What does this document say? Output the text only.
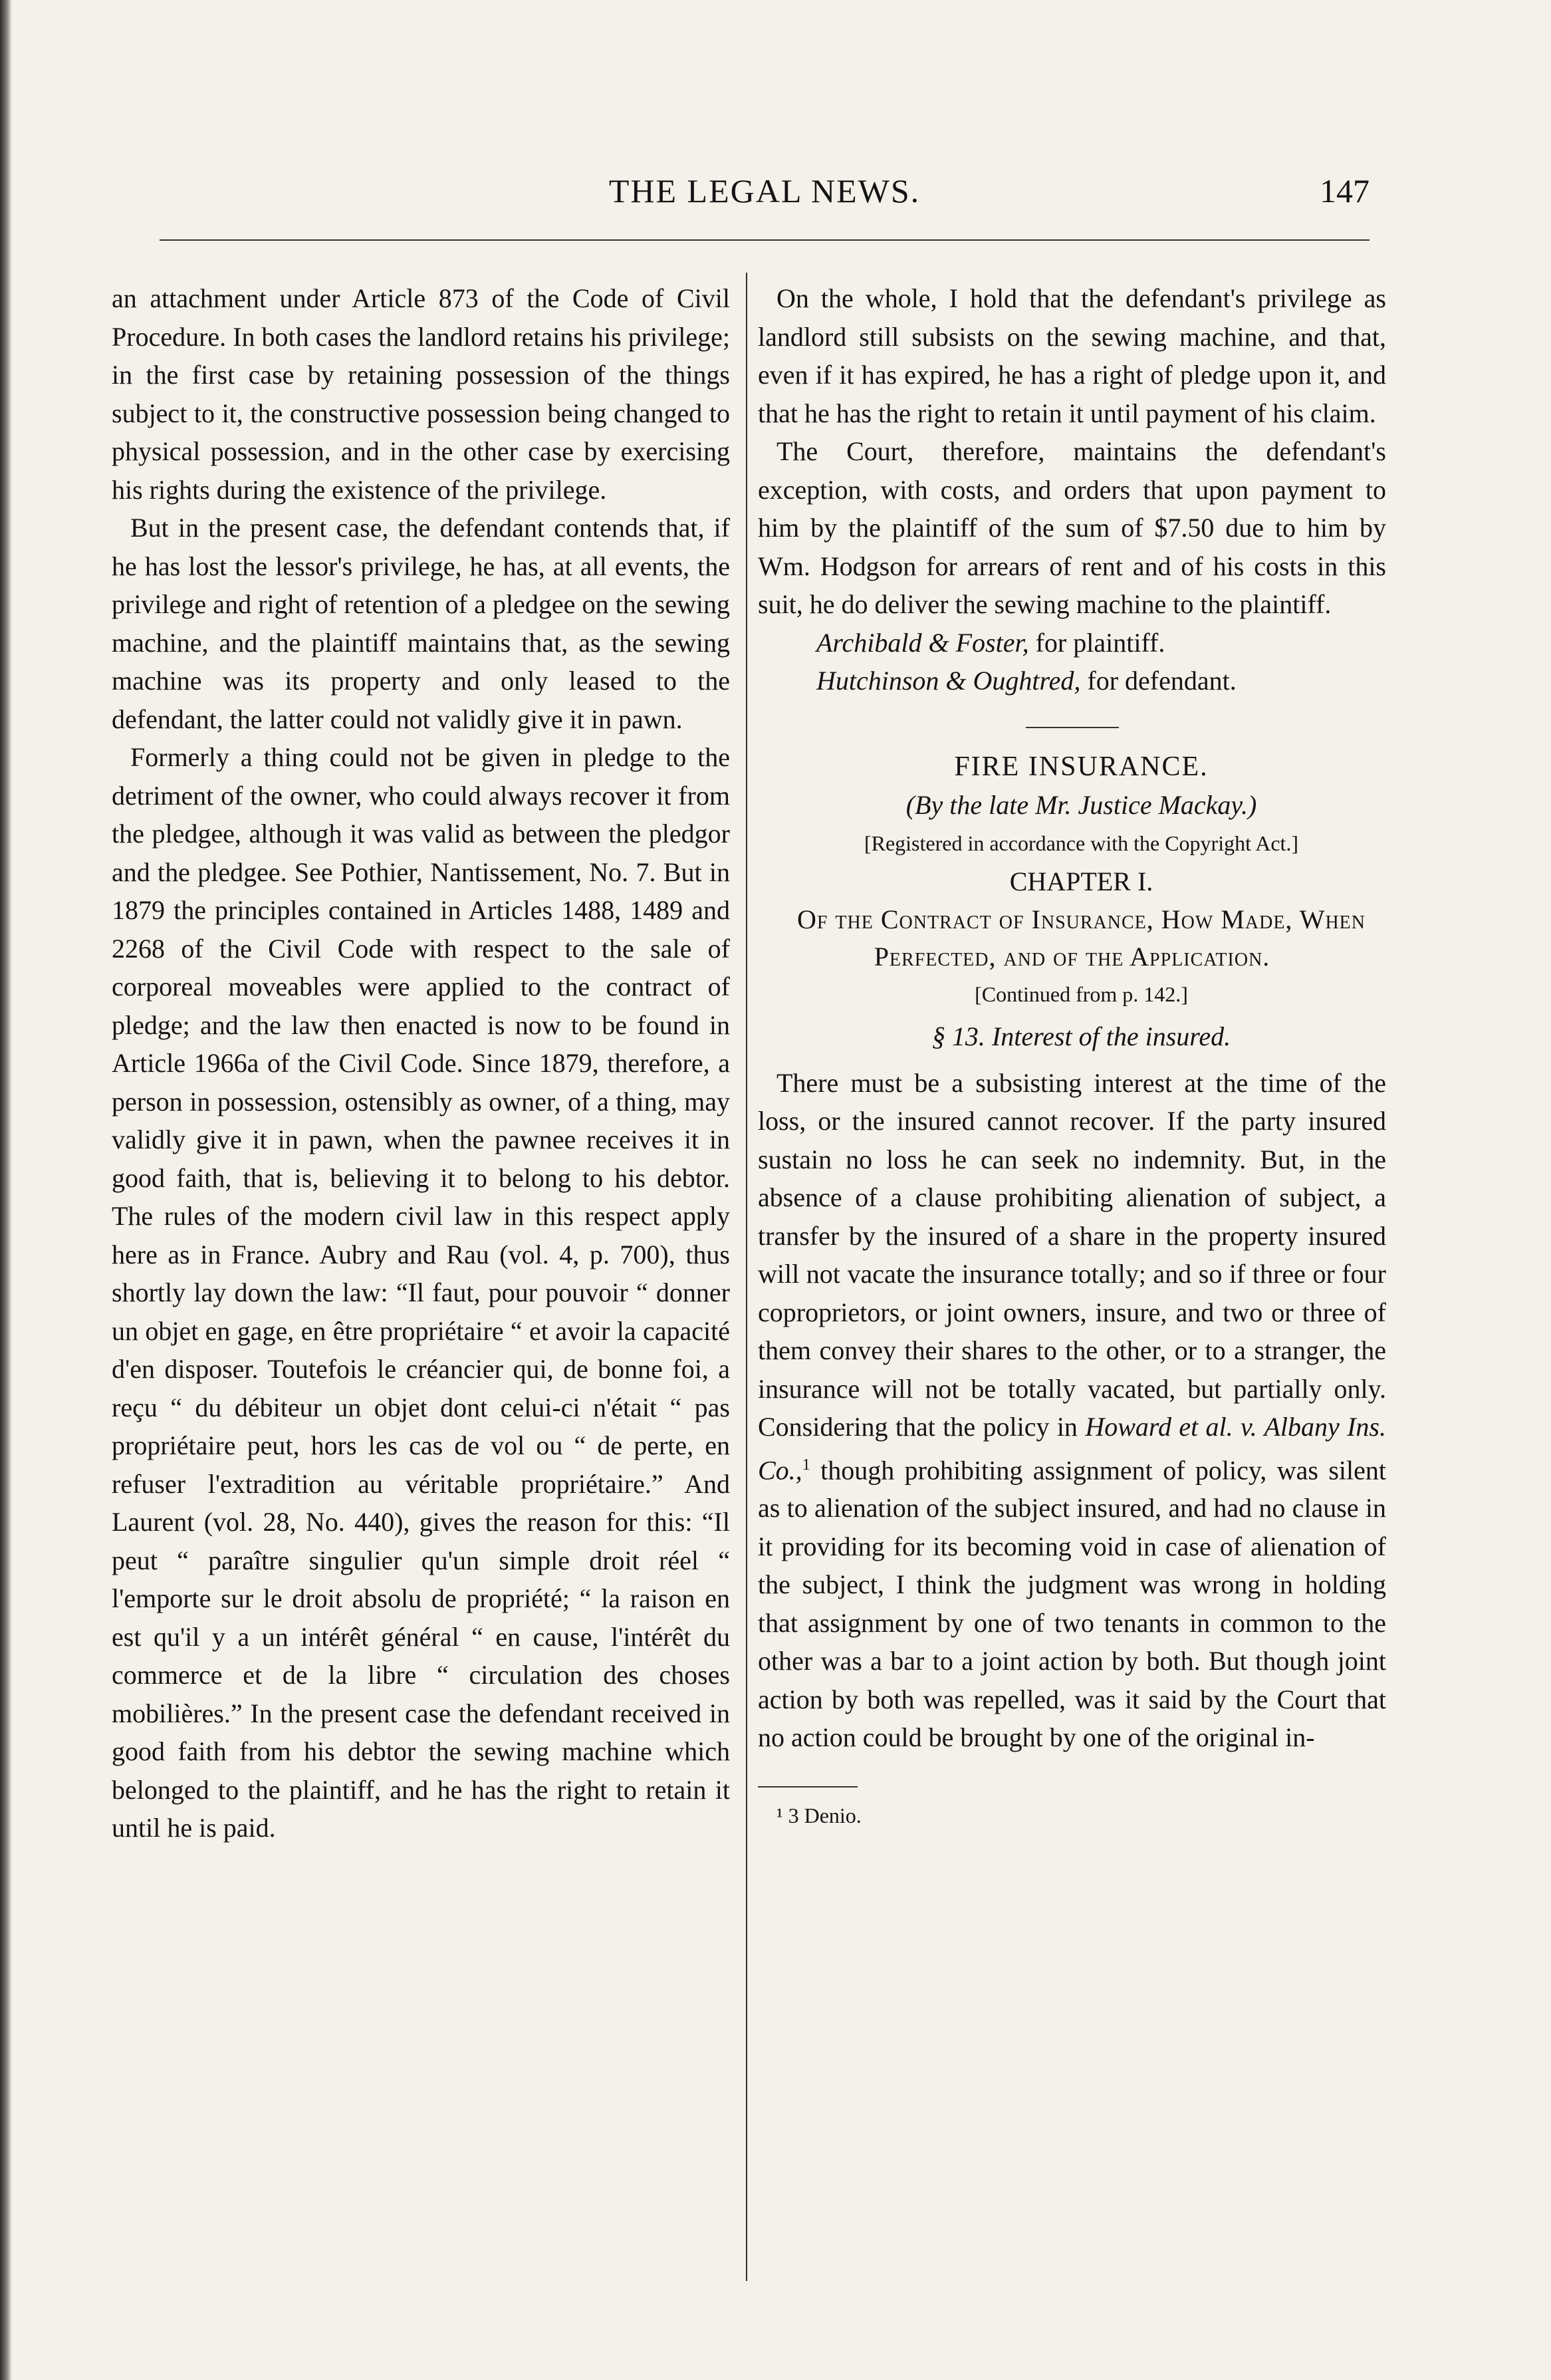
THE LEGAL NEWS.	147

an attachment under Article 873 of the Code of Civil Procedure. In both cases the landlord retains his privilege; in the first case by retaining possession of the things subject to it, the constructive possession being changed to physical possession, and in the other case by exercising his rights during the existence of the privilege.

But in the present case, the defendant contends that, if he has lost the lessor's privilege, he has, at all events, the privilege and right of retention of a pledgee on the sewing machine, and the plaintiff maintains that, as the sewing machine was its property and only leased to the defendant, the latter could not validly give it in pawn.

Formerly a thing could not be given in pledge to the detriment of the owner, who could always recover it from the pledgee, although it was valid as between the pledgor and the pledgee. See Pothier, Nantissement, No. 7. But in 1879 the principles contained in Articles 1488, 1489 and 2268 of the Civil Code with respect to the sale of corporeal moveables were applied to the contract of pledge; and the law then enacted is now to be found in Article 1966a of the Civil Code. Since 1879, therefore, a person in possession, ostensibly as owner, of a thing, may validly give it in pawn, when the pawnee receives it in good faith, that is, believing it to belong to his debtor. The rules of the modern civil law in this respect apply here as in France. Aubry and Rau (vol. 4, p. 700), thus shortly lay down the law: “Il faut, pour pouvoir “ donner un objet en gage, en être propriétaire “ et avoir la capacité d'en disposer. Toutefois le créancier qui, de bonne foi, a reçu “ du débiteur un objet dont celui-ci n'était “ pas propriétaire peut, hors les cas de vol ou “ de perte, en refuser l'extradition au véritable propriétaire.” And Laurent (vol. 28, No. 440), gives the reason for this: “Il peut “ paraître singulier qu'un simple droit réel “ l'emporte sur le droit absolu de propriété; “ la raison en est qu'il y a un intérêt général “ en cause, l'intérêt du commerce et de la libre “ circulation des choses mobilières.” In the present case the defendant received in good faith from his debtor the sewing machine which belonged to the plaintiff, and he has the right to retain it until he is paid.

On the whole, I hold that the defendant's privilege as landlord still subsists on the sewing machine, and that, even if it has expired, he has a right of pledge upon it, and that he has the right to retain it until payment of his claim.

The Court, therefore, maintains the defendant's exception, with costs, and orders that upon payment to him by the plaintiff of the sum of $7.50 due to him by Wm. Hodgson for arrears of rent and of his costs in this suit, he do deliver the sewing machine to the plaintiff.

Archibald & Foster, for plaintiff.

Hutchinson & Oughtred, for defendant.

FIRE INSURANCE.

(By the late Mr. Justice Mackay.)

[Registered in accordance with the Copyright Act.]

CHAPTER I.

Of the Contract of Insurance, How Made, When Perfected, and of the Application.

[Continued from p. 142.]

§ 13. Interest of the insured.

There must be a subsisting interest at the time of the loss, or the insured cannot recover. If the party insured sustain no loss he can seek no indemnity. But, in the absence of a clause prohibiting alienation of subject, a transfer by the insured of a share in the property insured will not vacate the insurance totally; and so if three or four coproprietors, or joint owners, insure, and two or three of them convey their shares to the other, or to a stranger, the insurance will not be totally vacated, but partially only. Considering that the policy in Howard et al. v. Albany Ins. Co.,$^1$ though prohibiting assignment of policy, was silent as to alienation of the subject insured, and had no clause in it providing for its becoming void in case of alienation of the subject, I think the judgment was wrong in holding that assignment by one of two tenants in common to the other was a bar to a joint action by both. But though joint action by both was repelled, was it said by the Court that no action could be brought by one of the original in-

¹ 3 Denio.
